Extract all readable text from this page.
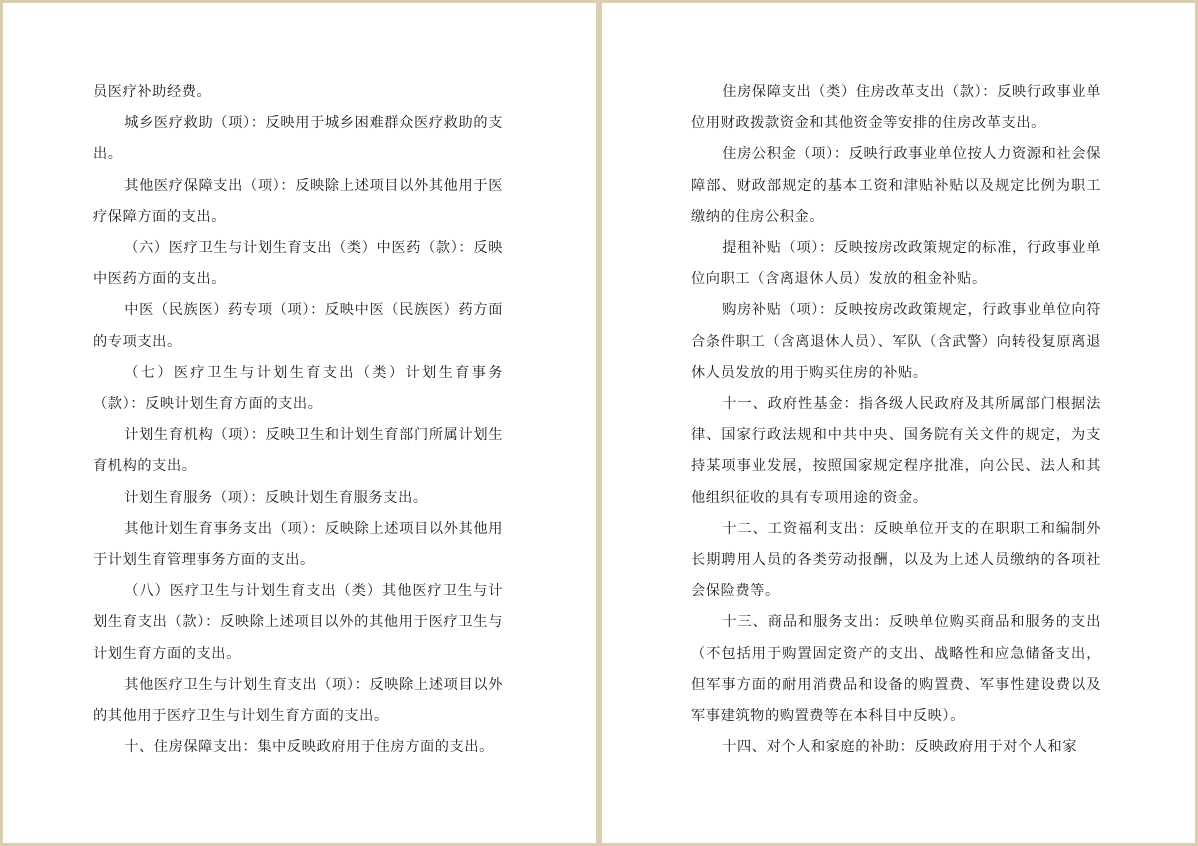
员医疗补助经费。

城乡医疗救助（项）：反映用于城乡困难群众医疗救助的支出。

其他医疗保障支出（项）：反映除上述项目以外其他用于医疗保障方面的支出。

（六）医疗卫生与计划生育支出（类）中医药（款）：反映中医药方面的支出。

中医（民族医）药专项（项）：反映中医（民族医）药方面的专项支出。

（七）医疗卫生与计划生育支出（类）计划生育事务（款）：反映计划生育方面的支出。

计划生育机构（项）：反映卫生和计划生育部门所属计划生育机构的支出。

计划生育服务（项）：反映计划生育服务支出。

其他计划生育事务支出（项）：反映除上述项目以外其他用于计划生育管理事务方面的支出。

（八）医疗卫生与计划生育支出（类）其他医疗卫生与计划生育支出（款）：反映除上述项目以外的其他用于医疗卫生与计划生育方面的支出。

其他医疗卫生与计划生育支出（项）：反映除上述项目以外的其他用于医疗卫生与计划生育方面的支出。

十、住房保障支出：集中反映政府用于住房方面的支出。

住房保障支出（类）住房改革支出（款）：反映行政事业单位用财政拨款资金和其他资金等安排的住房改革支出。

住房公积金（项）：反映行政事业单位按人力资源和社会保障部、财政部规定的基本工资和津贴补贴以及规定比例为职工缴纳的住房公积金。

提租补贴（项）：反映按房改政策规定的标准，行政事业单位向职工（含离退休人员）发放的租金补贴。

购房补贴（项）：反映按房改政策规定，行政事业单位向符合条件职工（含离退休人员）、军队（含武警）向转役复原离退休人员发放的用于购买住房的补贴。

十一、政府性基金：指各级人民政府及其所属部门根据法律、国家行政法规和中共中央、国务院有关文件的规定，为支持某项事业发展，按照国家规定程序批准，向公民、法人和其他组织征收的具有专项用途的资金。

十二、工资福利支出：反映单位开支的在职职工和编制外长期聘用人员的各类劳动报酬，以及为上述人员缴纳的各项社会保险费等。

十三、商品和服务支出：反映单位购买商品和服务的支出（不包括用于购置固定资产的支出、战略性和应急储备支出，但军事方面的耐用消费品和设备的购置费、军事性建设费以及军事建筑物的购置费等在本科目中反映）。

十四、对个人和家庭的补助：反映政府用于对个人和家
